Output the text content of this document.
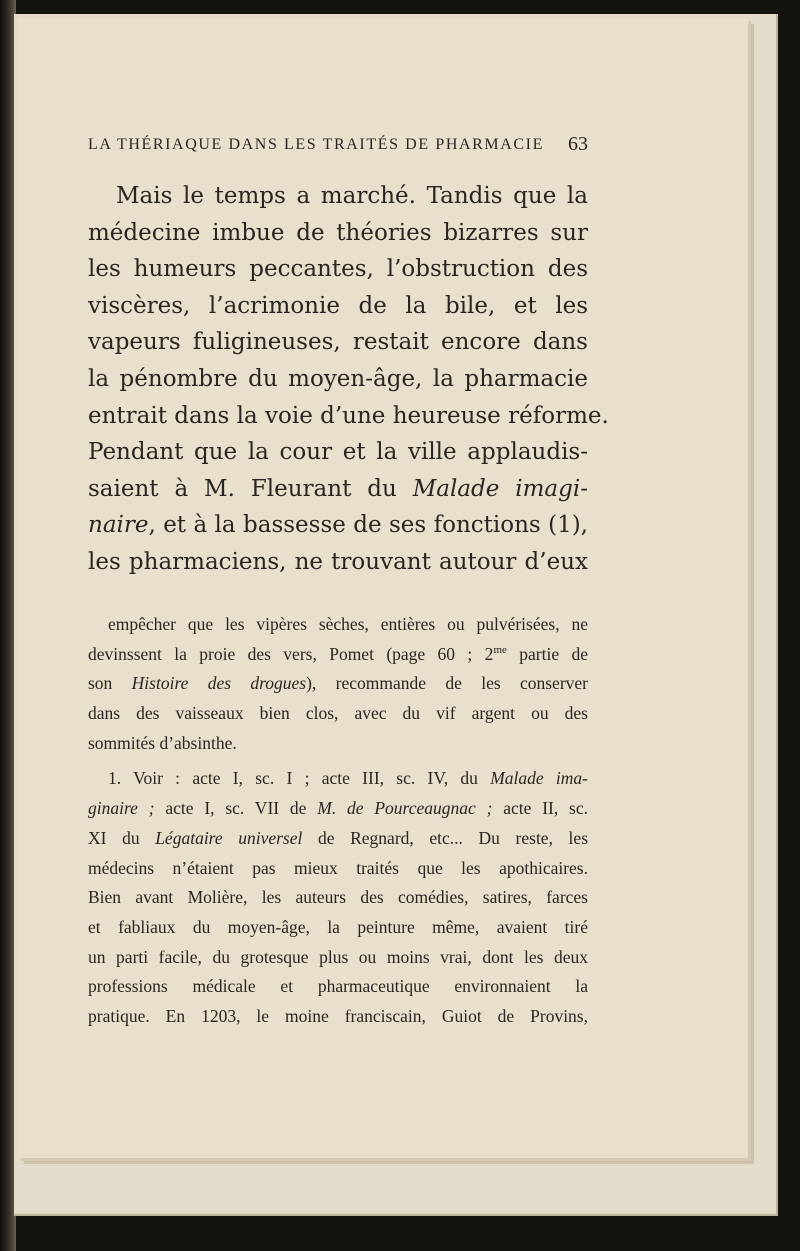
LA THÉRIAQUE DANS LES TRAITÉS DE PHARMACIE 63
Mais le temps a marché. Tandis que la
médecine imbue de théories bizarres sur
les humeurs peccantes, l’obstruction des
viscères, l’acrimonie de la bile, et les
vapeurs fuligineuses, restait encore dans
la pénombre du moyen-âge, la pharmacie
entrait dans la voie d’une heureuse réforme.
Pendant que la cour et la ville applaudis-
saient à M. Fleurant du Malade imagi-
naire, et à la bassesse de ses fonctions (1),
les pharmaciens, ne trouvant autour d’eux
empêcher que les vipères sèches, entières ou pulvérisées, ne
devinssent la proie des vers, Pomet (page 60 ; $2^{me}$ partie de
son Histoire des drogues), recommande de les conserver
dans des vaisseaux bien clos, avec du vif argent ou des
sommités d’absinthe.
1. Voir : acte I, sc. I ; acte III, sc. IV, du Malade ima-
ginaire ; acte I, sc. VII de M. de Pourceaugnac ; acte II, sc.
XI du Légataire universel de Regnard, etc... Du reste, les
médecins n’étaient pas mieux traités que les apothicaires.
Bien avant Molière, les auteurs des comédies, satires, farces
et fabliaux du moyen-âge, la peinture même, avaient tiré
un parti facile, du grotesque plus ou moins vrai, dont les deux
professions médicale et pharmaceutique environnaient la
pratique. En 1203, le moine franciscain, Guiot de Provins,
